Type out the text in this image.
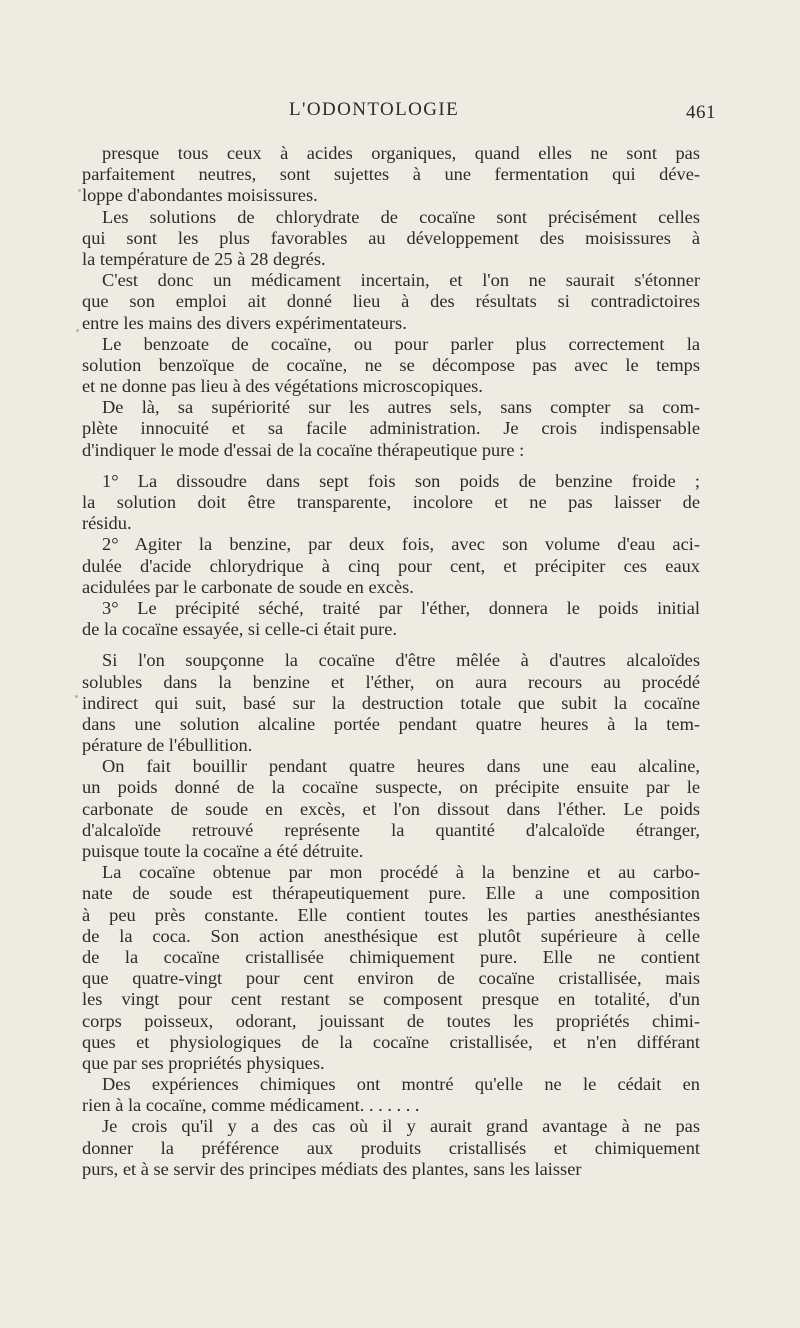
L'ODONTOLOGIE	461
presque tous ceux à acides organiques, quand elles ne sont pas
parfaitement neutres, sont sujettes à une fermentation qui déve-
loppe d'abondantes moisissures.
Les solutions de chlorydrate de cocaïne sont précisément celles
qui sont les plus favorables au développement des moisissures à
la température de 25 à 28 degrés.
C'est donc un médicament incertain, et l'on ne saurait s'étonner
que son emploi ait donné lieu à des résultats si contradictoires
entre les mains des divers expérimentateurs.
Le benzoate de cocaïne, ou pour parler plus correctement la
solution benzoïque de cocaïne, ne se décompose pas avec le temps
et ne donne pas lieu à des végétations microscopiques.
De là, sa supériorité sur les autres sels, sans compter sa com-
plète innocuité et sa facile administration. Je crois indispensable
d'indiquer le mode d'essai de la cocaïne thérapeutique pure :
1° La dissoudre dans sept fois son poids de benzine froide ;
la solution doit être transparente, incolore et ne pas laisser de
résidu.
2° Agiter la benzine, par deux fois, avec son volume d'eau aci-
dulée d'acide chlorydrique à cinq pour cent, et précipiter ces eaux
acidulées par le carbonate de soude en excès.
3° Le précipité séché, traité par l'éther, donnera le poids initial
de la cocaïne essayée, si celle-ci était pure.
Si l'on soupçonne la cocaïne d'être mêlée à d'autres alcaloïdes
solubles dans la benzine et l'éther, on aura recours au procédé
indirect qui suit, basé sur la destruction totale que subit la cocaïne
dans une solution alcaline portée pendant quatre heures à la tem-
pérature de l'ébullition.
On fait bouillir pendant quatre heures dans une eau alcaline,
un poids donné de la cocaïne suspecte, on précipite ensuite par le
carbonate de soude en excès, et l'on dissout dans l'éther. Le poids
d'alcaloïde retrouvé représente la quantité d'alcaloïde étranger,
puisque toute la cocaïne a été détruite.
La cocaïne obtenue par mon procédé à la benzine et au carbo-
nate de soude est thérapeutiquement pure. Elle a une composition
à peu près constante. Elle contient toutes les parties anesthésiantes
de la coca. Son action anesthésique est plutôt supérieure à celle
de la cocaïne cristallisée chimiquement pure. Elle ne contient
que quatre-vingt pour cent environ de cocaïne cristallisée, mais
les vingt pour cent restant se composent presque en totalité, d'un
corps poisseux, odorant, jouissant de toutes les propriétés chimi-
ques et physiologiques de la cocaïne cristallisée, et n'en différant
que par ses propriétés physiques.
Des expériences chimiques ont montré qu'elle ne le cédait en
rien à la cocaïne, comme médicament. . . . . . .
Je crois qu'il y a des cas où il y aurait grand avantage à ne pas
donner la préférence aux produits cristallisés et chimiquement
purs, et à se servir des principes médiats des plantes, sans les laisser
